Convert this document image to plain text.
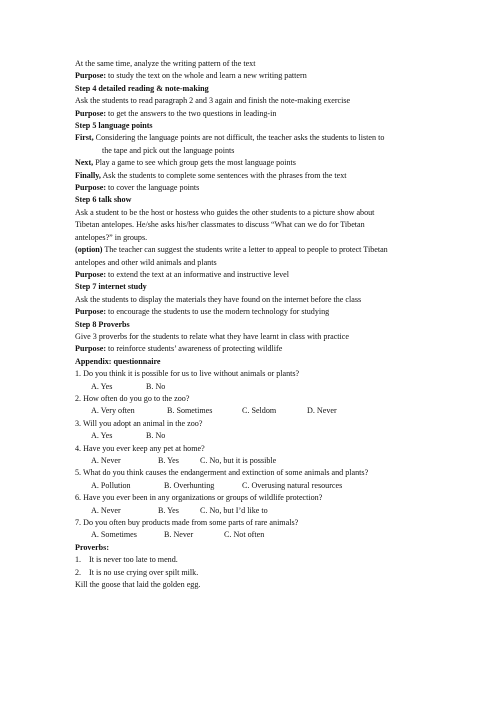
At the same time, analyze the writing pattern of the text
Purpose: to study the text on the whole and learn a new writing pattern
Step 4 detailed reading & note-making
Ask the students to read paragraph 2 and 3 again and finish the note-making exercise
Purpose: to get the answers to the two questions in leading-in
Step 5 language points
First, Considering the language points are not difficult, the teacher asks the students to listen to
the tape and pick out the language points
Next, Play a game to see which group gets the most language points
Finally, Ask the students to complete some sentences with the phrases from the text
Purpose: to cover the language points
Step 6 talk show
Ask a student to be the host or hostess who guides the other students to a picture show about
Tibetan antelopes. He/she asks his/her classmates to discuss “What can we do for Tibetan
antelopes?” in groups.
(option) The teacher can suggest the students write a letter to appeal to people to protect Tibetan
antelopes and other wild animals and plants
Purpose: to extend the text at an informative and instructive level
Step 7 internet study
Ask the students to display the materials they have found on the internet before the class
Purpose: to encourage the students to use the modern technology for studying
Step 8 Proverbs
Give 3 proverbs for the students to relate what they have learnt in class with practice
Purpose: to reinforce students’ awareness of protecting wildlife
Appendix: questionnaire
1. Do you think it is possible for us to live without animals or plants?
A. Yes	B. No
2. How often do you go to the zoo?
A. Very often	B. Sometimes	C. Seldom	D. Never
3. Will you adopt an animal in the zoo?
A. Yes	B. No
4. Have you ever keep any pet at home?
A. Never	B. Yes	C. No, but it is possible
5. What do you think causes the endangerment and extinction of some animals and plants?
A. Pollution	B. Overhunting	C. Overusing natural resources
6. Have you ever been in any organizations or groups of wildlife protection?
A. Never	B. Yes	C. No, but I’d like to
7. Do you often buy products made from some parts of rare animals?
A. Sometimes	B. Never	C. Not often
Proverbs:
1. It is never too late to mend.
2. It is no use crying over spilt milk.
Kill the goose that laid the golden egg.
